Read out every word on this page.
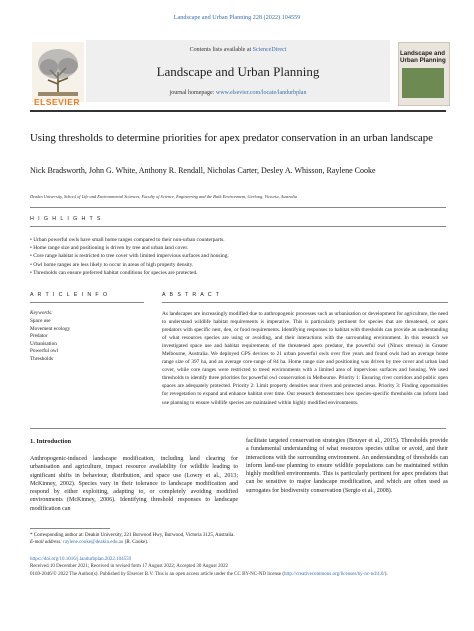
Landscape and Urban Planning 228 (2022) 104559
ELSEVIER
Contents lists available at ScienceDirect
Landscape and Urban Planning
journal homepage: www.elsevier.com/locate/landurbplan
Landscape and Urban Planning
Using thresholds to determine priorities for apex predator conservation in an urban landscape
Nick Bradsworth, John G. White, Anthony R. Rendall, Nicholas Carter, Desley A. Whisson, Raylene Cooke
Deakin University, School of Life and Environmental Sciences, Faculty of Science, Engineering and the Built Environment, Geelong, Victoria, Australia
H I G H L I G H T S
• Urban powerful owls have small home ranges compared to their non-urban counterparts.
• Home range size and positioning is driven by tree and urban land cover.
• Core range habitat is restricted to tree cover with limited impervious surfaces and housing.
• Owl home ranges are less likely to occur in areas of high property density.
• Thresholds can ensure preferred habitat conditions for species are protected.
A R T I C L E I N F O	A B S T R A C T
Keywords:
Space use
Movement ecology
Predator
Urbanisation
Powerful owl
Thresholds
As landscapes are increasingly modified due to anthropogenic processes such as urbanisation or development for agriculture, the need to understand wildlife habitat requirements is imperative. This is particularly pertinent for species that are threatened, or apex predators with specific nest, den, or food requirements. Identifying responses to habitat with thresholds can provide an understanding of what resources species are using or avoiding, and their interactions with the surrounding environment. In this research we investigated space use and habitat requirements of the threatened apex predator, the powerful owl (Ninox strenua) in Greater Melbourne, Australia. We deployed GPS devices to 21 urban powerful owls over five years and found owls had an average home range size of 397 ha, and an average core-range of 84 ha. Home range size and positioning was driven by tree cover and urban land cover, while core ranges were restricted to treed environments with a limited area of impervious surfaces and housing. We used thresholds to identify three priorities for powerful owl conservation in Melbourne. Priority 1: Ensuring river corridors and public open spaces are adequately protected. Priority 2: Limit property densities near rivers and protected areas. Priority 3: Finding opportunities for revegetation to expand and enhance habitat over time. Our research demonstrates how species-specific thresholds can inform land use planning to ensure wildlife species are maintained within highly modified environments.
1. Introduction
Anthropogenic-induced landscape modification, including land clearing for urbanisation and agriculture, impact resource availability for wildlife leading to significant shifts in behaviour, distribution, and space use (Lowry et al., 2013; McKinney, 2002). Species vary in their tolerance to landscape modification and respond by either exploiting, adapting to, or completely avoiding modified environments (McKinney, 2006). Identifying threshold responses to landscape modification can
facilitate targeted conservation strategies (Bouyer et al., 2015). Thresholds provide a fundamental understanding of what resources species utilise or avoid, and their interactions with the surrounding environment. An understanding of thresholds can inform land-use planning to ensure wildlife populations can be maintained within highly modified environments. This is particularly pertinent for apex predators that can be sensitive to major landscape modification, and which are often used as surrogates for biodiversity conservation (Sergio et al., 2008).
* Corresponding author at: Deakin University, 221 Burwood Hwy, Burwood, Victoria 3125, Australia.
E-mail address: raylene.cooke@deakin.edu.au (R. Cooke).
https://doi.org/10.1016/j.landurbplan.2022.104559
Received 10 December 2021; Received in revised form 17 August 2022; Accepted 30 August 2022
0169-2046/© 2022 The Author(s). Published by Elsevier B.V. This is an open access article under the CC BY-NC-ND license (http://creativecommons.org/licenses/by-nc-nd/4.0/).
